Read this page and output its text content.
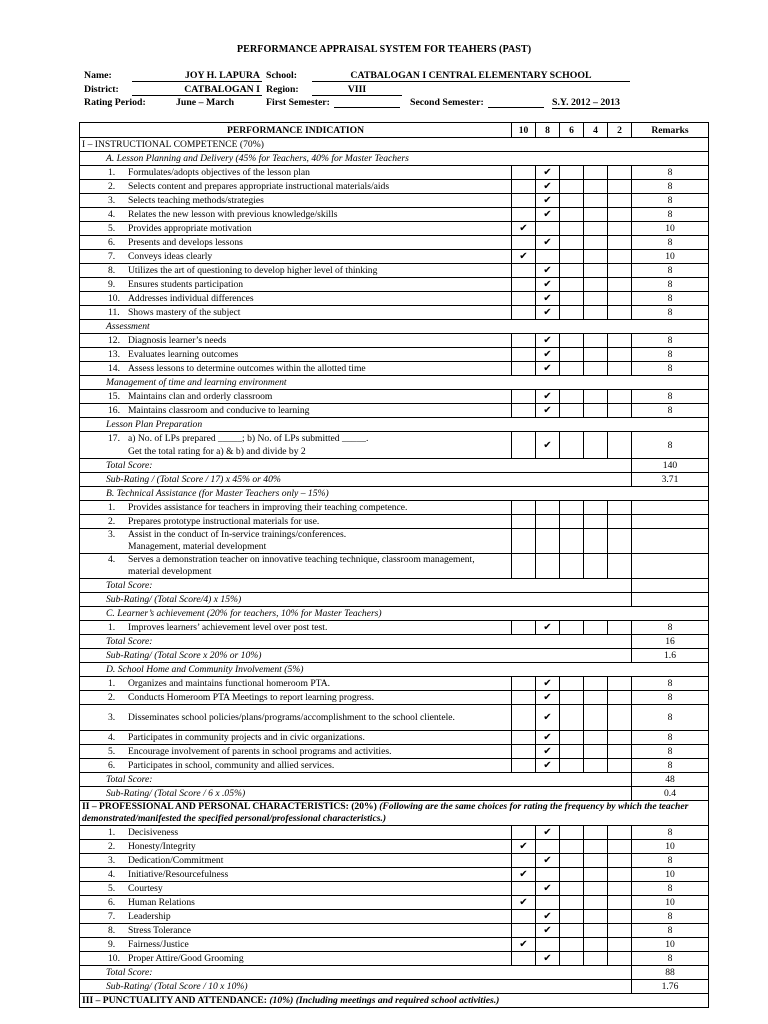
PERFORMANCE APPRAISAL SYSTEM FOR TEAHERS (PAST)
Name:	JOY H. LAPURA School:	CATBALOGAN I CENTRAL ELEMENTARY SCHOOL
District:	CATBALOGAN I Region:	VIII
Rating Period:	June – March	First Semester:	Second Semester:	S.Y. 2012 – 2013
PERFORMANCE INDICATION	10	8	6	4	2	Remarks
I – INSTRUCTIONAL COMPETENCE (70%)						
A. Lesson Planning and Delivery (45% for Teachers, 40% for Master Teachers						

1. Formulates/adopts objectives of the lesson plan		✔				8

2. Selects content and prepares appropriate instructional materials/aids		✔				8

3. Selects teaching methods/strategies		✔				8

4. Relates the new lesson with previous knowledge/skills		✔				8

5. Provides appropriate motivation	✔					10

6. Presents and develops lessons		✔				8

7. Conveys ideas clearly	✔					10

8. Utilizes the art of questioning to develop higher level of thinking		✔				8

9. Ensures students participation		✔				8

10. Addresses individual differences		✔				8

11. Shows mastery of the subject		✔				8
Assessment						

12. Diagnosis learner’s needs		✔				8

13. Evaluates learning outcomes		✔				8

14. Assess lessons to determine outcomes within the allotted time		✔				8
Management of time and learning environment						

15. Maintains clan and orderly classroom		✔				8

16. Maintains classroom and conducive to learning		✔				8
Lesson Plan Preparation						

17. a) No. of LPs prepared _____; b) No. of LPs submitted _____.
Get the total rating for a) & b) and divide by 2		✔				8
Total Score:						140
Sub-Rating / (Total Score / 17) x 45% or 40%						3.71
B. Technical Assistance (for Master Teachers only – 15%)						

1. Provides assistance for teachers in improving their teaching competence.						

2. Prepares prototype instructional materials for use.						

3. Assist in the conduct of In-service trainings/conferences.
Management, material development						

4. Serves a demonstration teacher on innovative teaching technique, classroom management,
material development						

Total Score:						
Sub-Rating/ (Total Score/4) x 15%)						
C. Learner’s achievement (20% for teachers, 10% for Master Teachers)						

1. Improves learners’ achievement level over post test.		✔				8
Total Score:						16
Sub-Rating/ (Total Score x 20% or 10%)						1.6
D. School Home and Community Involvement (5%)						

1. Organizes and maintains functional homeroom PTA.		✔				8

2. Conducts Homeroom PTA Meetings to report learning progress.		✔				8

3. Disseminates school policies/plans/programs/accomplishment to the school clientele.		✔				8

4. Participates in community projects and in civic organizations.		✔				8

5. Encourage involvement of parents in school programs and activities.		✔				8

6. Participates in school, community and allied services.		✔				8
Total Score:						48
Sub-Rating/ (Total Score / 6 x .05%)						0.4
II – PROFESSIONAL AND PERSONAL CHARACTERISTICS: (20%) (Following are the same choices for rating the frequency by which the teacher demonstrated/manifested the specified personal/professional characteristics.)						

1. Decisiveness		✔				8

2. Honesty/Integrity	✔					10

3. Dedication/Commitment		✔				8

4. Initiative/Resourcefulness	✔					10

5. Courtesy		✔				8

6. Human Relations	✔					10

7. Leadership		✔				8

8. Stress Tolerance		✔				8

9. Fairness/Justice	✔					10

10. Proper Attire/Good Grooming		✔				8
Total Score:						88
Sub-Rating/ (Total Score / 10 x 10%)						1.76
III – PUNCTUALITY AND ATTENDANCE: (10%) (Including meetings and required school activities.)						
